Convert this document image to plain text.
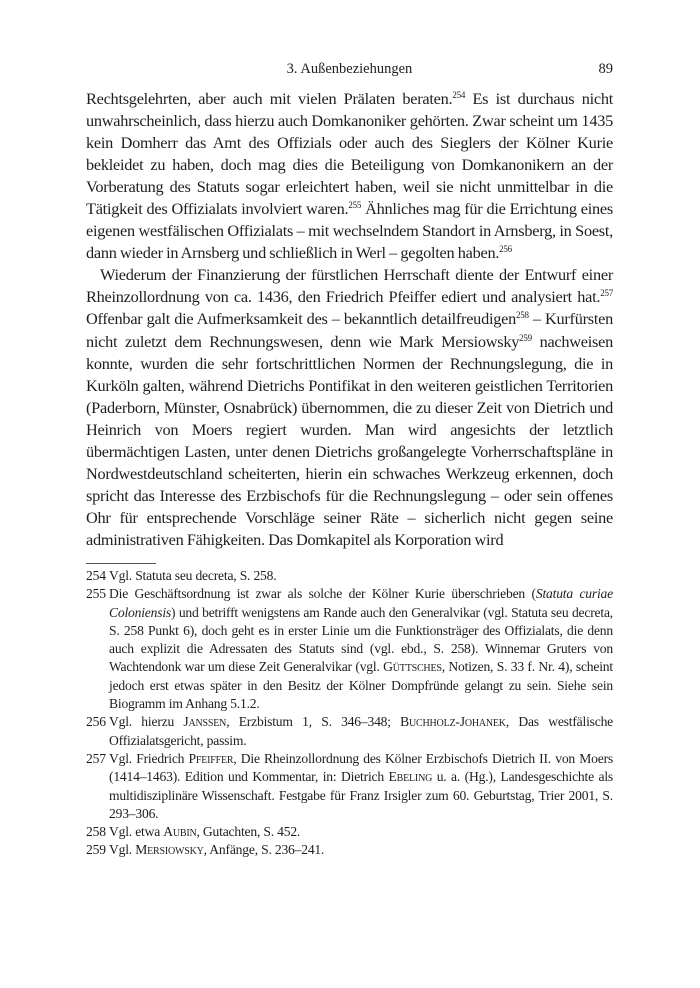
3. Außenbeziehungen	89

Rechtsgelehrten, aber auch mit vielen Prälaten beraten.$^{254}$ Es ist durchaus nicht unwahrscheinlich, dass hierzu auch Domkanoniker gehörten. Zwar scheint um 1435 kein Domherr das Amt des Offizials oder auch des Sieglers der Kölner Kurie bekleidet zu haben, doch mag dies die Beteiligung von Domkanonikern an der Vorberatung des Statuts sogar erleichtert haben, weil sie nicht unmittelbar in die Tätigkeit des Offizialats involviert waren.$^{255}$ Ähnliches mag für die Errichtung eines eigenen westfälischen Offizialats – mit wechselndem Standort in Arnsberg, in Soest, dann wieder in Arnsberg und schließlich in Werl – gegolten haben.$^{256}$

Wiederum der Finanzierung der fürstlichen Herrschaft diente der Entwurf einer Rheinzollordnung von ca. 1436, den Friedrich Pfeiffer ediert und analysiert hat.$^{257}$ Offenbar galt die Aufmerksamkeit des – bekanntlich detailfreudigen$^{258}$ – Kurfürsten nicht zuletzt dem Rechnungswesen, denn wie Mark Mersiowsky$^{259}$ nachweisen konnte, wurden die sehr fortschrittlichen Normen der Rechnungslegung, die in Kurköln galten, während Dietrichs Pontifikat in den weiteren geistlichen Territorien (Paderborn, Münster, Osnabrück) übernommen, die zu dieser Zeit von Dietrich und Heinrich von Moers regiert wurden. Man wird angesichts der letztlich übermächtigen Lasten, unter denen Dietrichs großangelegte Vorherrschaftspläne in Nordwestdeutschland scheiterten, hierin ein schwaches Werkzeug erkennen, doch spricht das Interesse des Erzbischofs für die Rechnungslegung – oder sein offenes Ohr für entsprechende Vorschläge seiner Räte – sicherlich nicht gegen seine administrativen Fähigkeiten. Das Domkapitel als Korporation wird

254 Vgl. Statuta seu decreta, S. 258.
255 Die Geschäftsordnung ist zwar als solche der Kölner Kurie überschrieben (Statuta curiae Coloniensis) und betrifft wenigstens am Rande auch den Generalvikar (vgl. Statuta seu decreta, S. 258 Punkt 6), doch geht es in erster Linie um die Funktionsträger des Offizialats, die denn auch explizit die Adressaten des Statuts sind (vgl. ebd., S. 258). Winnemar Gruters von Wachtendonk war um diese Zeit Generalvikar (vgl. Güttsches, Notizen, S. 33 f. Nr. 4), scheint jedoch erst etwas später in den Besitz der Kölner Dompfründe gelangt zu sein. Siehe sein Biogramm im Anhang 5.1.2.
256 Vgl. hierzu Janssen, Erzbistum 1, S. 346–348; Buchholz-Johanek, Das westfälische Offizialatsgericht, passim.
257 Vgl. Friedrich Pfeiffer, Die Rheinzollordnung des Kölner Erzbischofs Dietrich II. von Moers (1414–1463). Edition und Kommentar, in: Dietrich Ebeling u. a. (Hg.), Landesgeschichte als multidisziplinäre Wissenschaft. Festgabe für Franz Irsigler zum 60. Geburtstag, Trier 2001, S. 293–306.
258 Vgl. etwa Aubin, Gutachten, S. 452.
259 Vgl. Mersiowsky, Anfänge, S. 236–241.
